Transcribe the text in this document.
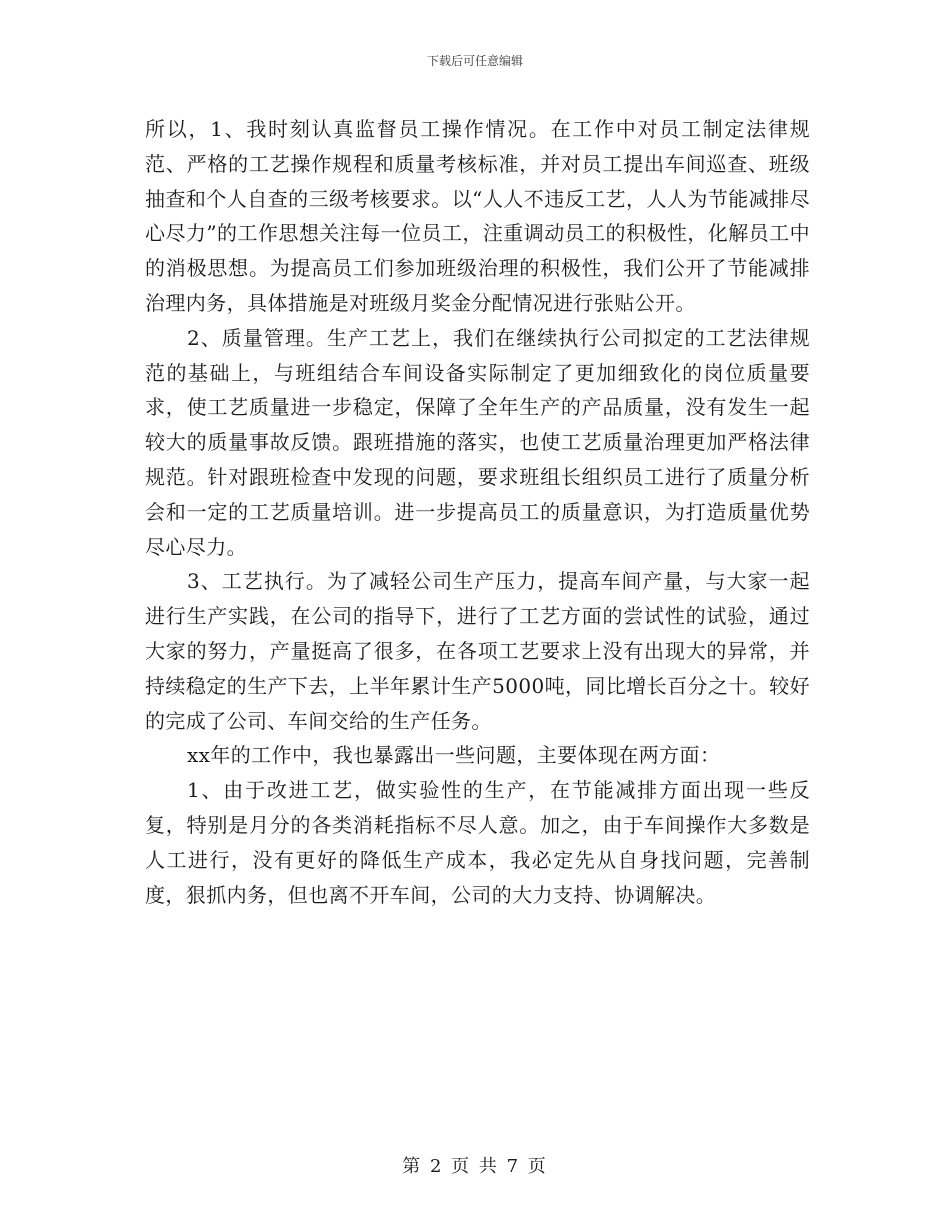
下载后可任意编辑

所以，1、我时刻认真监督员工操作情况。在工作中对员工制定法律规范、严格的工艺操作规程和质量考核标准，并对员工提出车间巡查、班级抽查和个人自查的三级考核要求。以“人人不违反工艺，人人为节能减排尽心尽力”的工作思想关注每一位员工，注重调动员工的积极性，化解员工中的消极思想。为提高员工们参加班级治理的积极性，我们公开了节能减排治理内务，具体措施是对班级月奖金分配情况进行张贴公开。

2、质量管理。生产工艺上，我们在继续执行公司拟定的工艺法律规范的基础上，与班组结合车间设备实际制定了更加细致化的岗位质量要求，使工艺质量进一步稳定，保障了全年生产的产品质量，没有发生一起较大的质量事故反馈。跟班措施的落实，也使工艺质量治理更加严格法律规范。针对跟班检查中发现的问题，要求班组长组织员工进行了质量分析会和一定的工艺质量培训。进一步提高员工的质量意识，为打造质量优势尽心尽力。

3、工艺执行。为了减轻公司生产压力，提高车间产量，与大家一起进行生产实践，在公司的指导下，进行了工艺方面的尝试性的试验，通过大家的努力，产量挺高了很多，在各项工艺要求上没有出现大的异常，并持续稳定的生产下去，上半年累计生产5000吨，同比增长百分之十。较好的完成了公司、车间交给的生产任务。

xx年的工作中，我也暴露出一些问题，主要体现在两方面：

1、由于改进工艺，做实验性的生产，在节能减排方面出现一些反复，特别是月分的各类消耗指标不尽人意。加之，由于车间操作大多数是人工进行，没有更好的降低生产成本，我必定先从自身找问题，完善制度，狠抓内务，但也离不开车间，公司的大力支持、协调解决。

第 2 页 共 7 页
